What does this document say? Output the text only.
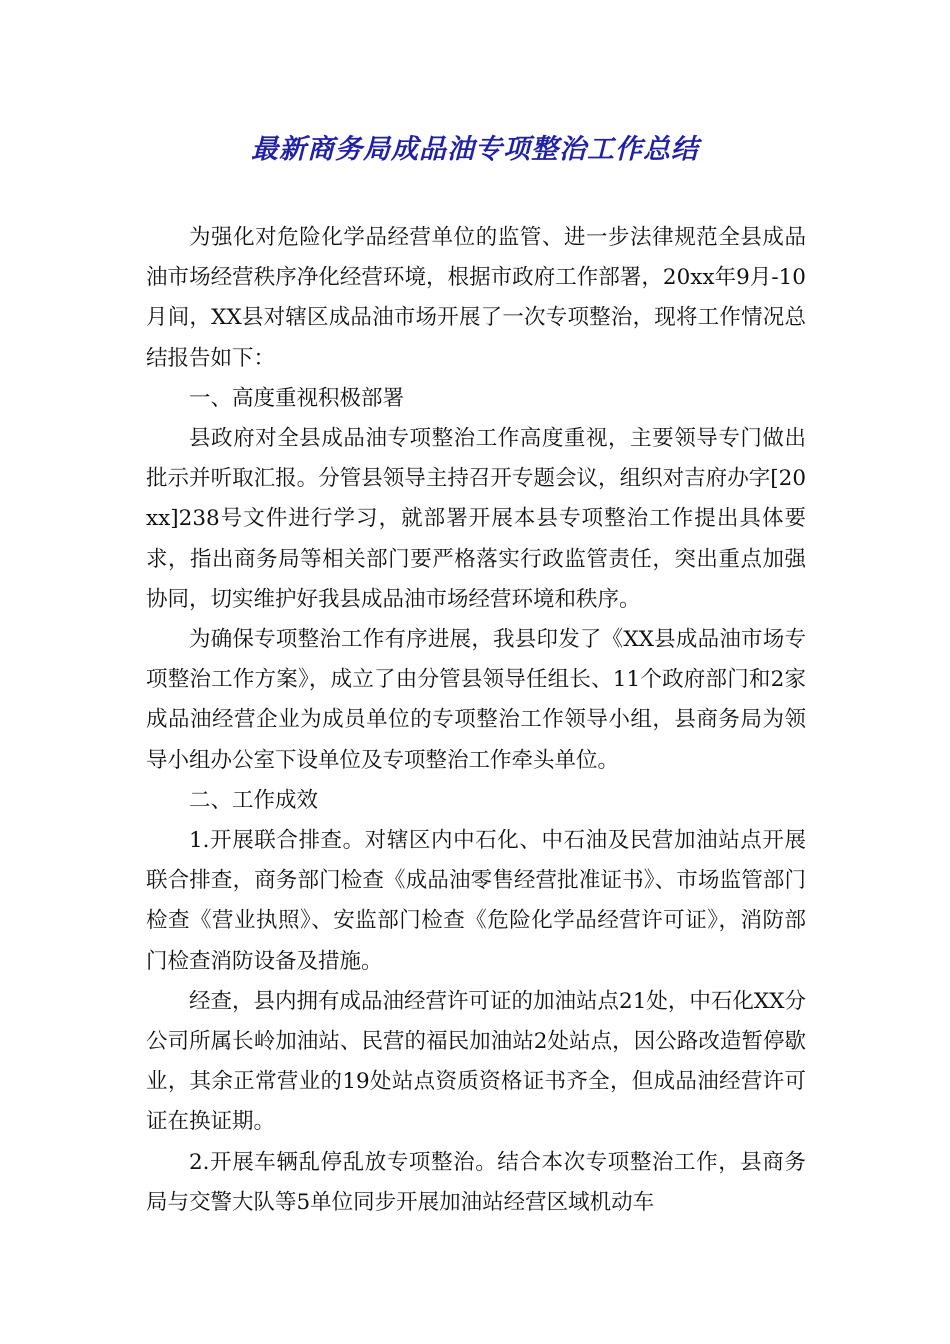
最新商务局成品油专项整治工作总结

为强化对危险化学品经营单位的监管、进一步法律规范全县成品油市场经营秩序净化经营环境，根据市政府工作部署，20xx年9月-10月间，XX县对辖区成品油市场开展了一次专项整治，现将工作情况总结报告如下：

一、高度重视积极部署

县政府对全县成品油专项整治工作高度重视，主要领导专门做出批示并听取汇报。分管县领导主持召开专题会议，组织对吉府办字[20xx]238号文件进行学习，就部署开展本县专项整治工作提出具体要求，指出商务局等相关部门要严格落实行政监管责任，突出重点加强协同，切实维护好我县成品油市场经营环境和秩序。

为确保专项整治工作有序进展，我县印发了《XX县成品油市场专项整治工作方案》，成立了由分管县领导任组长、11个政府部门和2家成品油经营企业为成员单位的专项整治工作领导小组，县商务局为领导小组办公室下设单位及专项整治工作牵头单位。

二、工作成效

1.开展联合排查。对辖区内中石化、中石油及民营加油站点开展联合排查，商务部门检查《成品油零售经营批准证书》、市场监管部门检查《营业执照》、安监部门检查《危险化学品经营许可证》，消防部门检查消防设备及措施。

经查，县内拥有成品油经营许可证的加油站点21处，中石化XX分公司所属长岭加油站、民营的福民加油站2处站点，因公路改造暂停歇业，其余正常营业的19处站点资质资格证书齐全，但成品油经营许可证在换证期。

2.开展车辆乱停乱放专项整治。结合本次专项整治工作，县商务局与交警大队等5单位同步开展加油站经营区域机动车
